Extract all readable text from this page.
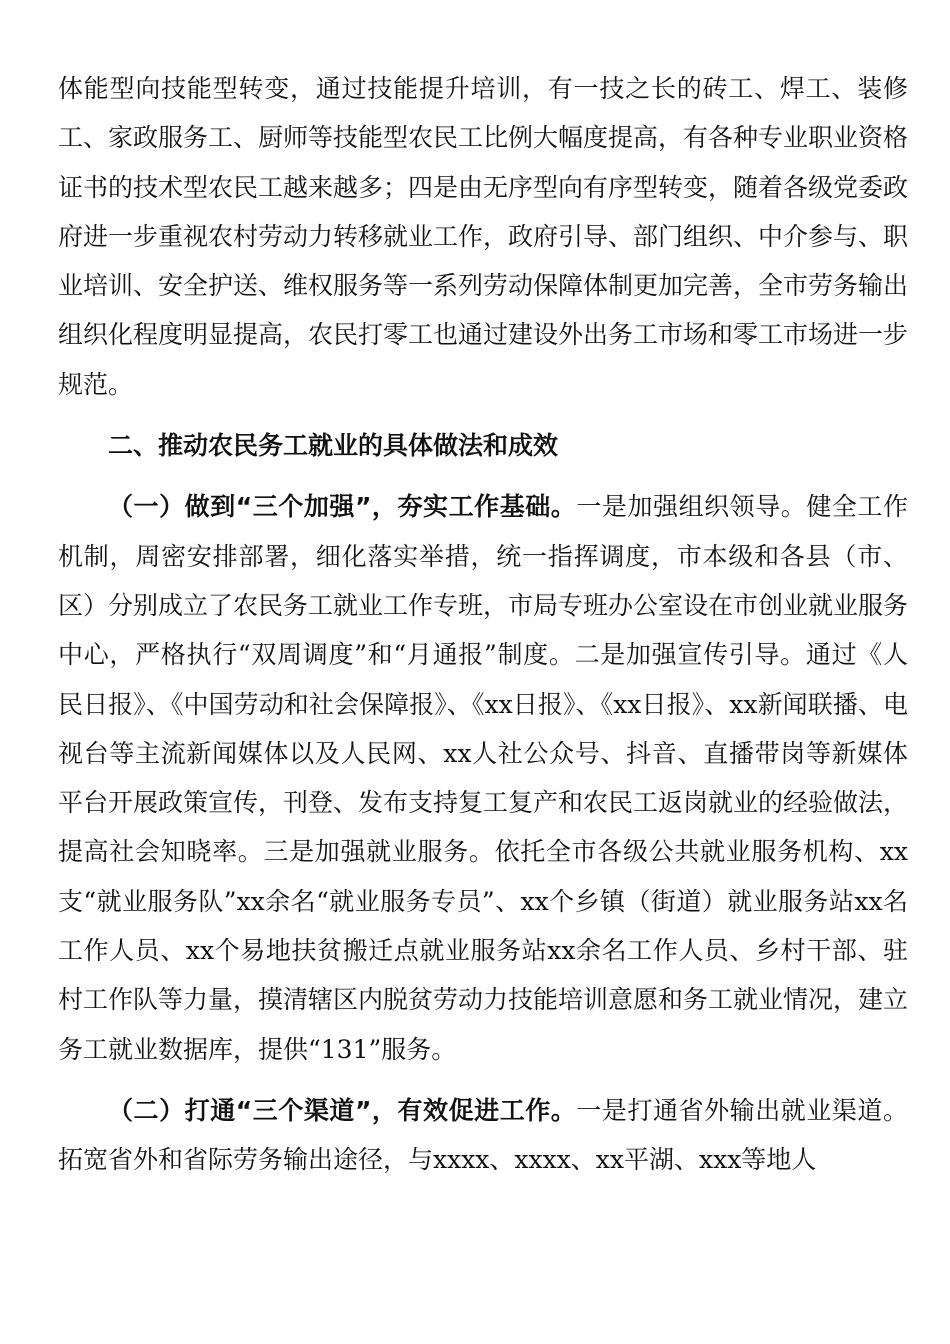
体能型向技能型转变，通过技能提升培训，有一技之长的砖工、焊工、装修工、家政服务工、厨师等技能型农民工比例大幅度提高，有各种专业职业资格证书的技术型农民工越来越多；四是由无序型向有序型转变，随着各级党委政府进一步重视农村劳动力转移就业工作，政府引导、部门组织、中介参与、职业培训、安全护送、维权服务等一系列劳动保障体制更加完善，全市劳务输出组织化程度明显提高，农民打零工也通过建设外出务工市场和零工市场进一步规范。

二、推动农民务工就业的具体做法和成效

（一）做到“三个加强”，夯实工作基础。一是加强组织领导。健全工作机制，周密安排部署，细化落实举措，统一指挥调度，市本级和各县（市、区）分别成立了农民务工就业工作专班，市局专班办公室设在市创业就业服务中心，严格执行“双周调度”和“月通报”制度。二是加强宣传引导。通过《人民日报》、《中国劳动和社会保障报》、《xx日报》、《xx日报》、xx新闻联播、电视台等主流新闻媒体以及人民网、xx人社公众号、抖音、直播带岗等新媒体平台开展政策宣传，刊登、发布支持复工复产和农民工返岗就业的经验做法，提高社会知晓率。三是加强就业服务。依托全市各级公共就业服务机构、xx支“就业服务队”xx余名“就业服务专员”、xx个乡镇（街道）就业服务站xx名工作人员、xx个易地扶贫搬迁点就业服务站xx余名工作人员、乡村干部、驻村工作队等力量，摸清辖区内脱贫劳动力技能培训意愿和务工就业情况，建立务工就业数据库，提供“131”服务。

（二）打通“三个渠道”，有效促进工作。一是打通省外输出就业渠道。拓宽省外和省际劳务输出途径，与xxxx、xxxx、xx平湖、xxx等地人
